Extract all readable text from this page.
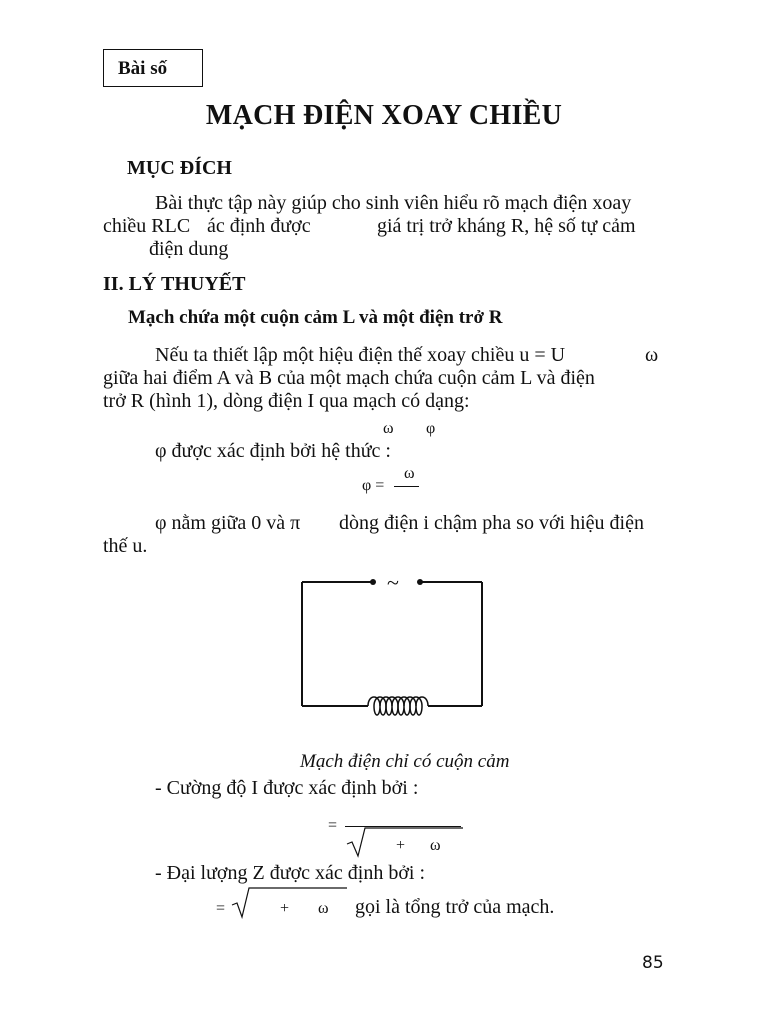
Bài số
MẠCH ĐIỆN XOAY CHIỀU
MỤC ĐÍCH
Bài thực tập này giúp cho sinh viên hiểu rõ mạch điện xoay
chiều RLC ác định được	giá trị trở kháng R, hệ số tự cảm
điện dung
II. LÝ THUYẾT
Mạch chứa một cuộn cảm L và một điện trở R
Nếu ta thiết lập một hiệu điện thế xoay chiều u = U	ω
giữa hai điểm A và B của một mạch chứa cuộn cảm L và điện
trở R (hình 1), dòng điện I qua mạch có dạng:
ω φ
φ được xác định bởi hệ thức :
φ =
ω
φ nằm giữa 0 và π dòng điện i chậm pha so với hiệu điện
thế u.
~
Mạch điện chỉ có cuộn cảm
- Cường độ I được xác định bởi :
=
+ ω
- Đại lượng Z được xác định bởi :
=	+ ω gọi là tổng trở của mạch.
85
